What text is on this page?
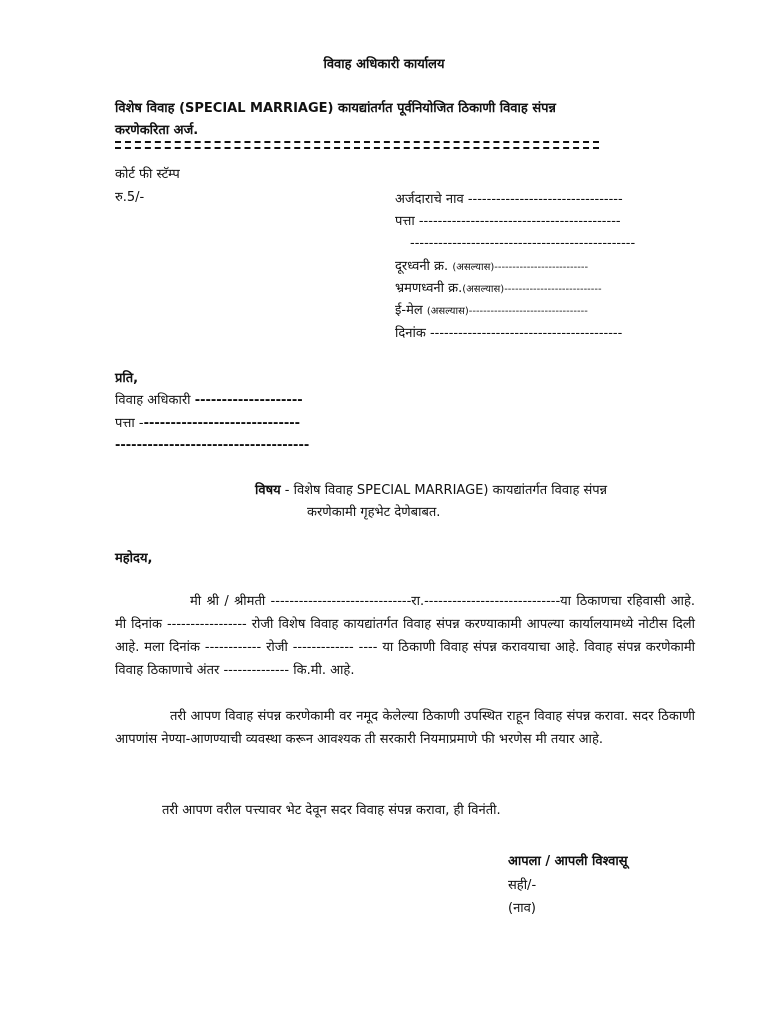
विवाह अधिकारी कार्यालय
विशेष विवाह (SPECIAL MARRIAGE) कायद्यांतर्गत पूर्वनियोजित ठिकाणी विवाह संपन्न
करणेकरिता अर्ज.
कोर्ट फी स्टॅम्प
रु.5/-	अर्जदाराचे नाव ---------------------------------
पत्ता -------------------------------------------
------------------------------------------------
दूरध्वनी क्र. (असल्यास)--------------------------
भ्रमणध्वनी क्र.(असल्यास)---------------------------
ई-मेल (असल्यास)---------------------------------
दिनांक -----------------------------------------
प्रति,
विवाह अधिकारी --------------------
पत्ता ------------------------------
------------------------------------
विषय - विशेष विवाह SPECIAL MARRIAGE) कायद्यांतर्गत विवाह संपन्न
करणेकामी गृहभेट देणेबाबत.
महोदय,

मी श्री / श्रीमती ------------------------------रा.-----------------------------या ठिकाणचा रहिवासी आहे. मी दिनांक ----------------- रोजी विशेष विवाह कायद्यांतर्गत विवाह संपन्न करण्याकामी आपल्या कार्यालयामध्ये नोटीस दिली आहे. मला दिनांक ------------ रोजी ------------- ---- या ठिकाणी विवाह संपन्न करावयाचा आहे. विवाह संपन्न करणेकामी विवाह ठिकाणाचे अंतर -------------- कि.मी. आहे.

तरी आपण विवाह संपन्न करणेकामी वर नमूद केलेल्या ठिकाणी उपस्थित राहून विवाह संपन्न करावा. सदर ठिकाणी आपणांस नेण्या-आणण्याची व्यवस्था करून आवश्यक ती सरकारी नियमाप्रमाणे फी भरणेस मी तयार आहे.

तरी आपण वरील पत्त्यावर भेट देवून सदर विवाह संपन्न करावा, ही विनंती.
आपला / आपली विश्वासू
सही/-
(नाव)
